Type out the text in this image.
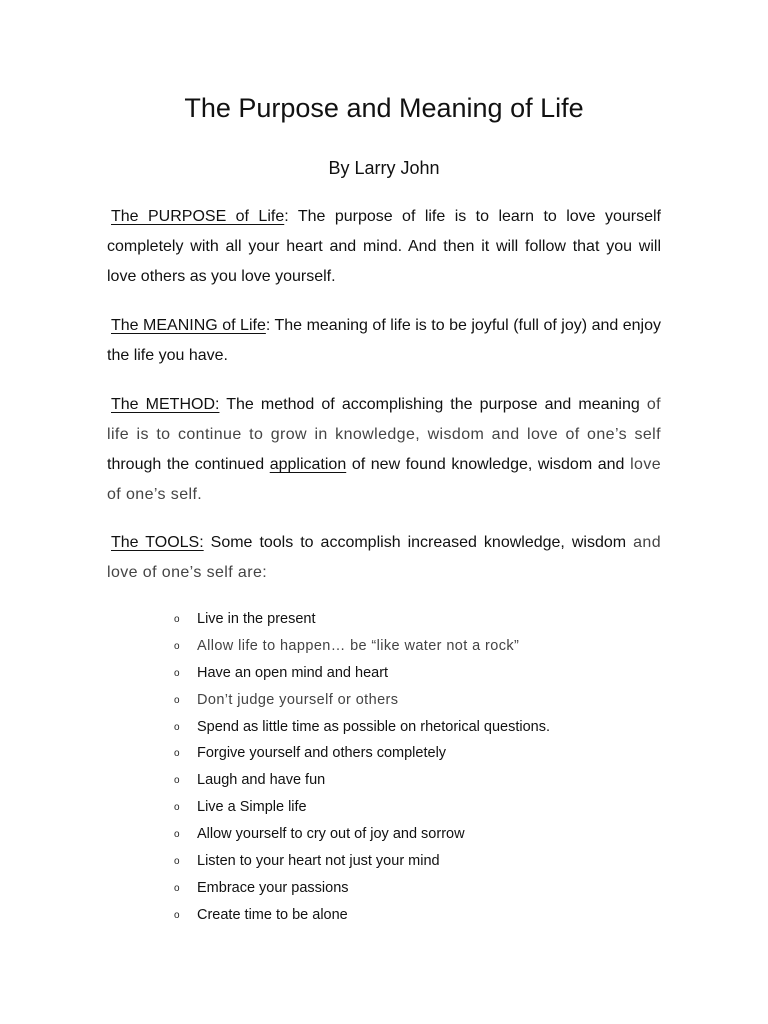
The Purpose and Meaning of Life
By Larry John

The PURPOSE of Life: The purpose of life is to learn to love yourself completely with all your heart and mind. And then it will follow that you will love others as you love yourself.

The MEANING of Life: The meaning of life is to be joyful (full of joy) and enjoy the life you have.

The METHOD: The method of accomplishing the purpose and meaning of life is to continue to grow in knowledge, wisdom and love of one’s self through the continued application of new found knowledge, wisdom and love of one’s self.

The TOOLS: Some tools to accomplish increased knowledge, wisdom and love of one’s self are:

o Live in the present
o Allow life to happen… be “like water not a rock”
o Have an open mind and heart
o Don’t judge yourself or others
o Spend as little time as possible on rhetorical questions.
o Forgive yourself and others completely
o Laugh and have fun
o Live a Simple life
o Allow yourself to cry out of joy and sorrow
o Listen to your heart not just your mind
o Embrace your passions
o Create time to be alone
